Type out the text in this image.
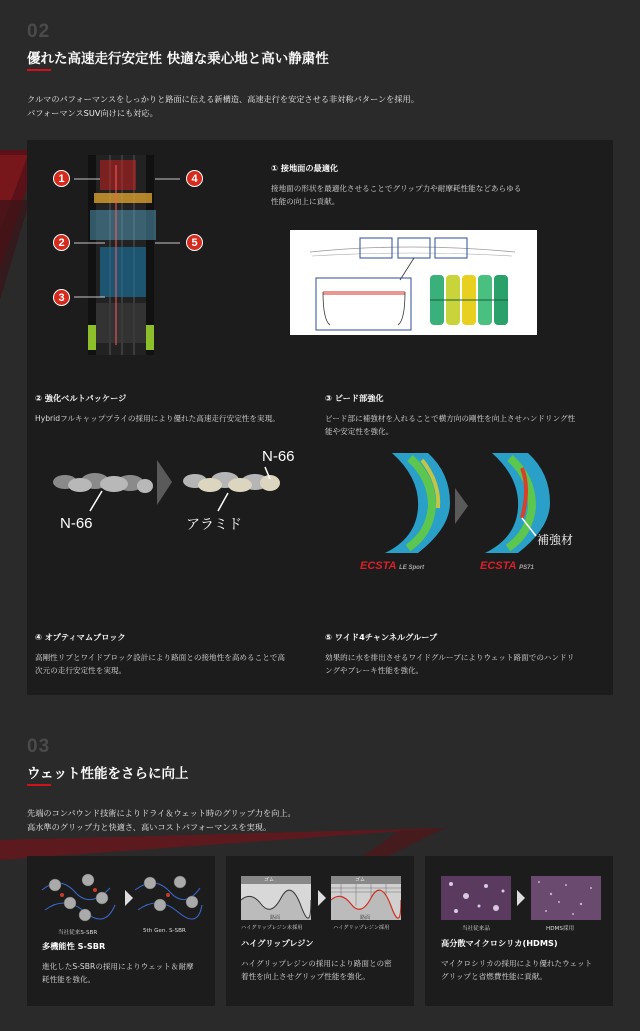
02
優れた高速走行安定性 快適な乗心地と高い静粛性
クルマのパフォーマンスをしっかりと路面に伝える新構造、高速走行を安定させる非対称パターンを採用。
パフォーマンスSUV向けにも対応。
1
2
3
4
5
① 接地面の最適化
接地面の形状を最適化させることでグリップ力や耐摩耗性能などあらゆる
性能の向上に貢献。
② 強化ベルトパッケージ
Hybridフルキャッププライの採用により優れた高速走行安定性を実現。
N-66
N-66
アラミド
③ ビード部強化
ビード部に補強材を入れることで横方向の剛性を向上させハンドリング性
能や安定性を強化。
補強材
ECSTA LE Sport	ECSTA PS71
④ オプティマムブロック
高剛性リブとワイドブロック設計により路面との接地性を高めることで高
次元の走行安定性を実現。
⑤ ワイド4チャンネルグルーブ
効果的に水を排出させるワイドグルーブによりウェット路面でのハンドリ
ングやブレーキ性能を強化。
03
ウェット性能をさらに向上
先端のコンパウンド技術によりドライ＆ウェット時のグリップ力を向上。
高水準のグリップ力と快適さ、高いコストパフォーマンスを実現。
当社従来S-SBR	5th Gen. S-SBR
多機能性 S-SBR
進化したS-SBRの採用によりウェット＆耐摩
耗性能を強化。
ゴム	ゴム
路面	路面
ハイグリップレジン未採用	ハイグリップレジン採用
ハイグリップレジン
ハイグリップレジンの採用により路面との密
着性を向上させグリップ性能を強化。
当社従来品	HDMS採用
高分散マイクロシリカ(HDMS)
マイクロシリカの採用により優れたウェット
グリップと省燃費性能に貢献。
